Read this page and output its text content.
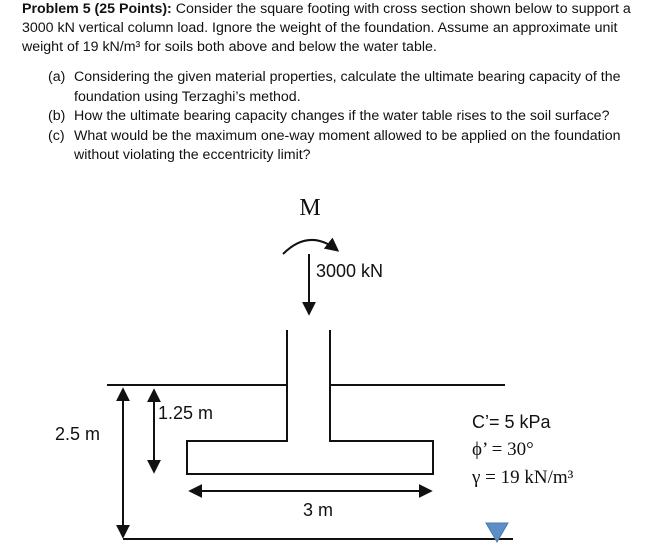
Problem 5 (25 Points): Consider the square footing with cross section shown below to support a 3000 kN vertical column load. Ignore the weight of the foundation. Assume an approximate unit weight of 19 kN/m³ for soils both above and below the water table.
(a) Considering the given material properties, calculate the ultimate bearing capacity of the foundation using Terzaghi’s method.
(b) How the ultimate bearing capacity changes if the water table rises to the soil surface?
(c) What would be the maximum one-way moment allowed to be applied on the foundation without violating the eccentricity limit?
M
3000 kN
2.5 m
1.25 m
3 m
C’= 5 kPa
ϕ’ = 30°
γ = 19 kN/m³
